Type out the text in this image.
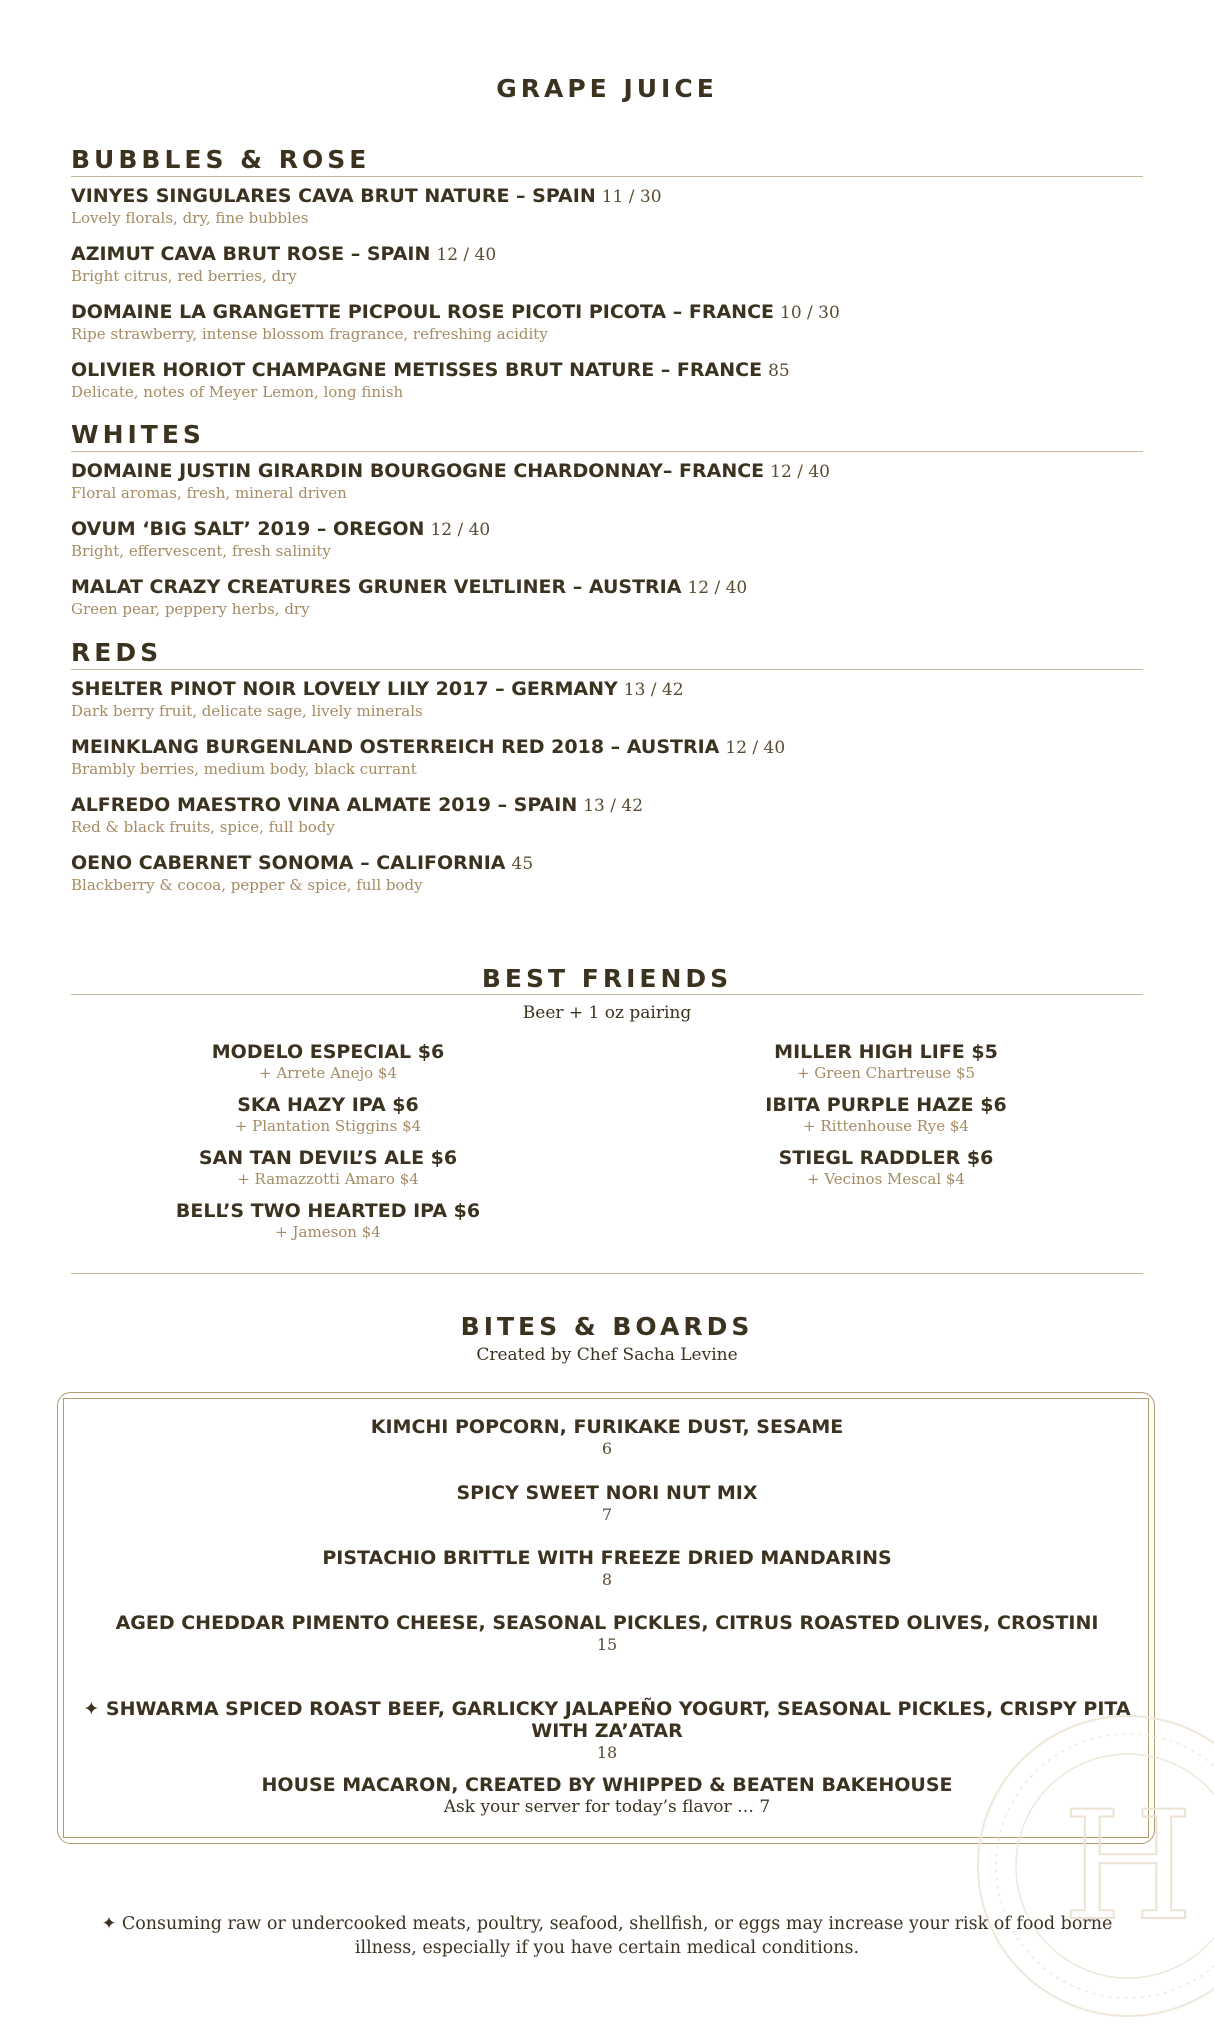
GRAPE JUICE
BUBBLES & ROSE
VINYES SINGULARES CAVA BRUT NATURE – SPAIN 11 / 30
Lovely florals, dry, fine bubbles
AZIMUT CAVA BRUT ROSE – SPAIN 12 / 40
Bright citrus, red berries, dry
DOMAINE LA GRANGETTE PICPOUL ROSE PICOTI PICOTA – FRANCE 10 / 30
Ripe strawberry, intense blossom fragrance, refreshing acidity
OLIVIER HORIOT CHAMPAGNE METISSES BRUT NATURE – FRANCE 85
Delicate, notes of Meyer Lemon, long finish
WHITES
DOMAINE JUSTIN GIRARDIN BOURGOGNE CHARDONNAY– FRANCE 12 / 40
Floral aromas, fresh, mineral driven
OVUM ‘BIG SALT’ 2019 – OREGON 12 / 40
Bright, effervescent, fresh salinity
MALAT CRAZY CREATURES GRUNER VELTLINER – AUSTRIA 12 / 40
Green pear, peppery herbs, dry
REDS
SHELTER PINOT NOIR LOVELY LILY 2017 – GERMANY 13 / 42
Dark berry fruit, delicate sage, lively minerals
MEINKLANG BURGENLAND OSTERREICH RED 2018 – AUSTRIA 12 / 40
Brambly berries, medium body, black currant
ALFREDO MAESTRO VINA ALMATE 2019 – SPAIN 13 / 42
Red & black fruits, spice, full body
OENO CABERNET SONOMA – CALIFORNIA 45
Blackberry & cocoa, pepper & spice, full body
BEST FRIENDS
Beer + 1 oz pairing
MODELO ESPECIAL $6
+ Arrete Anejo $4
SKA HAZY IPA $6
+ Plantation Stiggins $4
SAN TAN DEVIL’S ALE $6
+ Ramazzotti Amaro $4
BELL’S TWO HEARTED IPA $6
+ Jameson $4
MILLER HIGH LIFE $5
+ Green Chartreuse $5
IBITA PURPLE HAZE $6
+ Rittenhouse Rye $4
STIEGL RADDLER $6
+ Vecinos Mescal $4
BITES & BOARDS
Created by Chef Sacha Levine
KIMCHI POPCORN, FURIKAKE DUST, SESAME
6
SPICY SWEET NORI NUT MIX
7
PISTACHIO BRITTLE WITH FREEZE DRIED MANDARINS
8
AGED CHEDDAR PIMENTO CHEESE, SEASONAL PICKLES, CITRUS ROASTED OLIVES, CROSTINI
15
✦ SHWARMA SPICED ROAST BEEF, GARLICKY JALAPEÑO YOGURT, SEASONAL PICKLES, CRISPY PITA WITH ZA’ATAR
18
HOUSE MACARON, CREATED BY WHIPPED & BEATEN BAKEHOUSE
Ask your server for today’s flavor … 7	H
✦ Consuming raw or undercooked meats, poultry, seafood, shellfish, or eggs may increase your risk of food borne illness, especially if you have certain medical conditions.
